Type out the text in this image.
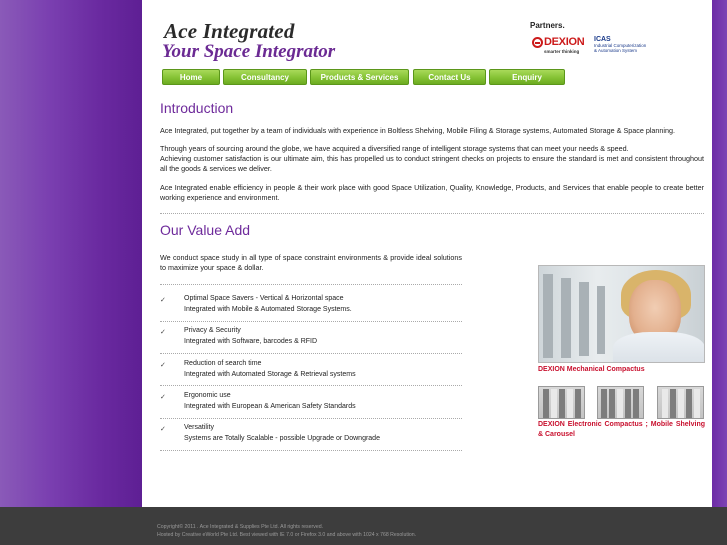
Ace Integrated
Your Space Integrator
Partners.
DEXION
smarter thinking
ICAS
Industrial Computerization
& Automation System
Home	Consultancy	Products & Services	Contact Us	Enquiry
Introduction

Ace Integrated, put together by a team of individuals with experience in Boltless Shelving, Mobile Filing & Storage systems, Automated Storage & Space planning.

Through years of sourcing around the globe, we have acquired a diversified range of intelligent storage systems that can meet your needs & speed.

Achieving customer satisfaction is our ultimate aim, this has propelled us to conduct stringent checks on projects to ensure the standard is met and consistent throughout all the goods & services we deliver.

Ace Integrated enable efficiency in people & their work place with good Space Utilization, Quality, Knowledge, Products, and Services that enable people to create better working experience and environment.

Our Value Add

We conduct space study in all type of space constraint environments & provide ideal solutions to maximize your space & dollar.

✓	Optimal Space Savers - Vertical & Horizontal space
Integrated with Mobile & Automated Storage Systems.
✓	Privacy & Security
Integrated with Software, barcodes & RFID
✓	Reduction of search time
Integrated with Automated Storage & Retrieval systems
✓	Ergonomic use
Integrated with European & American Safety Standards
✓	Versatility
Systems are Totally Scalable - possible Upgrade or Downgrade
DEXION Mechanical Compactus
DEXION Electronic Compactus ; Mobile Shelving & Carousel
Copyright© 2011 . Ace Integrated & Supplies Pte Ltd. All rights reserved.
Hosted by Creative eWorld Pte Ltd. Best viewed with IE 7.0 or Firefox 3.0 and above with 1024 x 768 Resolution.
